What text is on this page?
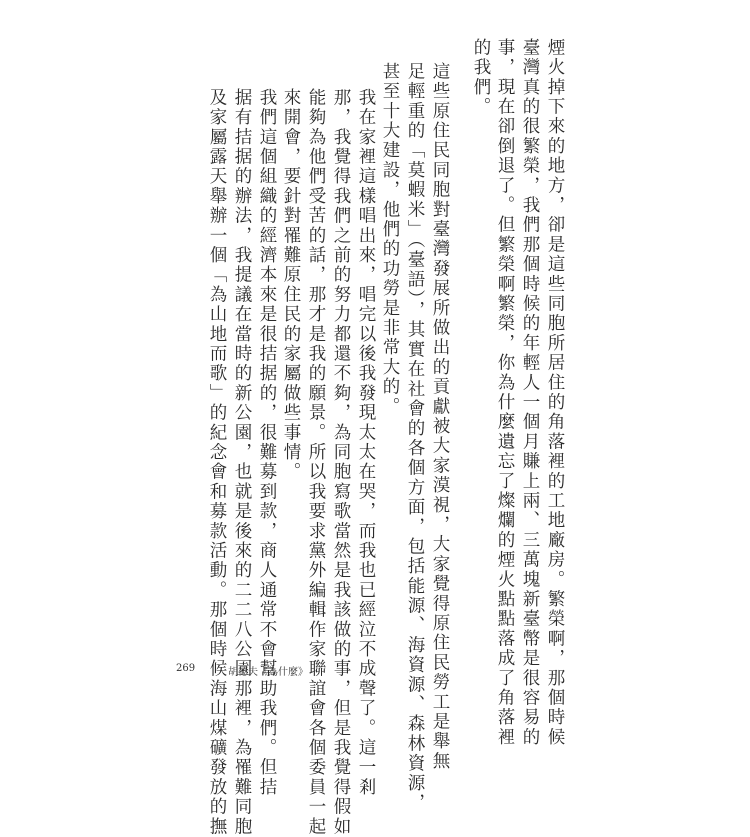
煙火掉下來的地方，卻是這些同胞所居住的角落裡的工地廠房。繁榮啊，那個時候
臺灣真的很繁榮，我們那個時候的年輕人一個月賺上兩、三萬塊新臺幣是很容易的
事，現在卻倒退了。但繁榮啊繁榮，你為什麼遺忘了燦爛的煙火點點落成了角落裡
的我們。
這些原住民同胞對臺灣發展所做出的貢獻被大家漠視，大家覺得原住民勞工是舉無
足輕重的「莫蝦米」（臺語），其實在社會的各個方面，包括能源、海資源、森林資源，
甚至十大建設，他們的功勞是非常大的。
我在家裡這樣唱出來，唱完以後我發現太太在哭，而我也已經泣不成聲了。這一剎
那，我覺得我們之前的努力都還不夠，為同胞寫歌當然是我該做的事，但是我覺得假如
能夠為他們受苦的話，那才是我的願景。所以我要求黨外編輯作家聯誼會各個委員一起
來開會，要針對罹難原住民的家屬做些事情。
我們這個組織的經濟本來是很拮据的，很難募到款，商人通常不會幫助我們。但拮
据有拮据的辦法，我提議在當時的新公園，也就是後來的二二八公園那裡，為罹難同胞
及家屬露天舉辦一個「為山地而歌」的紀念會和募款活動。那個時候海山煤礦發放的撫
269	胡德夫《為什麼》
